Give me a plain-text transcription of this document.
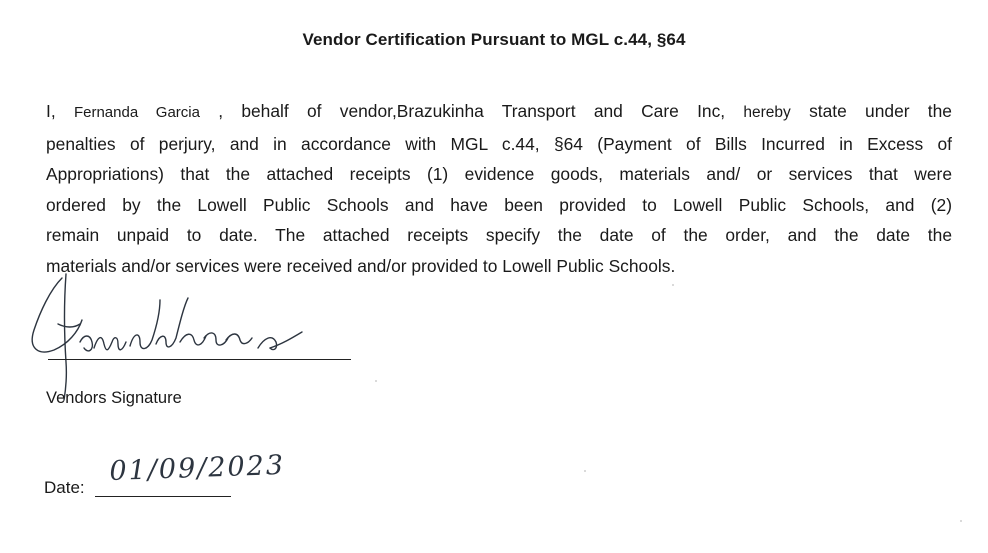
Vendor Certification Pursuant to MGL c.44, §64
I, Fernanda Garcia , behalf of vendor,Brazukinha Transport and Care Inc, hereby state under the
penalties of perjury, and in accordance with MGL c.44, §64 (Payment of Bills Incurred in Excess of
Appropriations) that the attached receipts (1) evidence goods, materials and/ or services that were
ordered by the Lowell Public Schools and have been provided to Lowell Public Schools, and (2)
remain unpaid to date. The attached receipts specify the date of the order, and the date the
materials and/or services were received and/or provided to Lowell Public Schools.
Vendors Signature
Date:
01/09/2023
